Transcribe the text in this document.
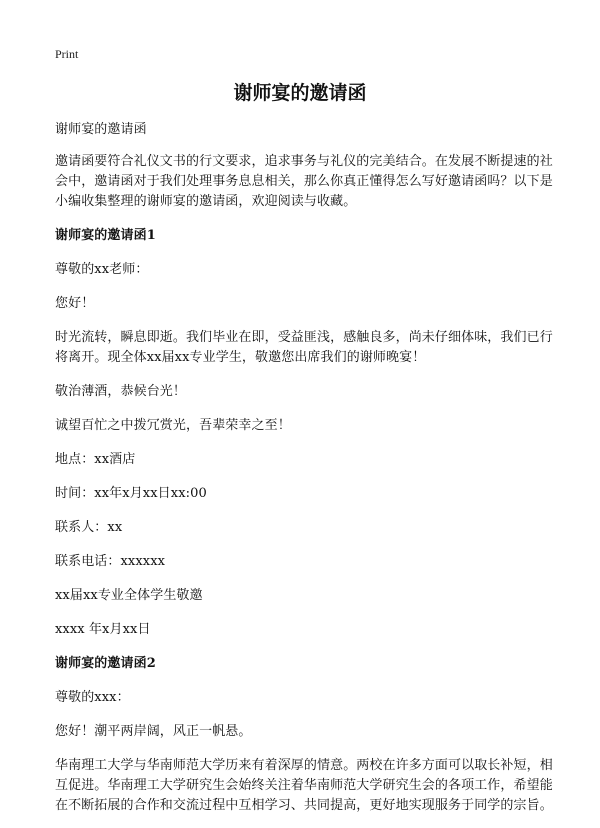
Print
谢师宴的邀请函

谢师宴的邀请函

邀请函要符合礼仪文书的行文要求，追求事务与礼仪的完美结合。在发展不断提速的社会中，邀请函对于我们处理事务息息相关，那么你真正懂得怎么写好邀请函吗？以下是小编收集整理的谢师宴的邀请函，欢迎阅读与收藏。

谢师宴的邀请函1

尊敬的xx老师：

您好！

时光流转，瞬息即逝。我们毕业在即，受益匪浅，感触良多，尚未仔细体味，我们已行将离开。现全体xx届xx专业学生，敬邀您出席我们的谢师晚宴！

敬治薄酒，恭候台光！

诚望百忙之中拨冗赏光，吾辈荣幸之至！

地点：xx酒店

时间：xx年x月xx日xx:00

联系人：xx

联系电话：xxxxxx

xx届xx专业全体学生敬邀

xxxx 年x月xx日

谢师宴的邀请函2

尊敬的xxx：

您好！潮平两岸阔，风正一帆悬。

华南理工大学与华南师范大学历来有着深厚的情意。两校在许多方面可以取长补短，相互促进。华南理工大学研究生会始终关注着华南师范大学研究生会的各项工作，希望能在不断拓展的合作和交流过程中互相学习、共同提高，更好地实现服务于同学的宗旨。
